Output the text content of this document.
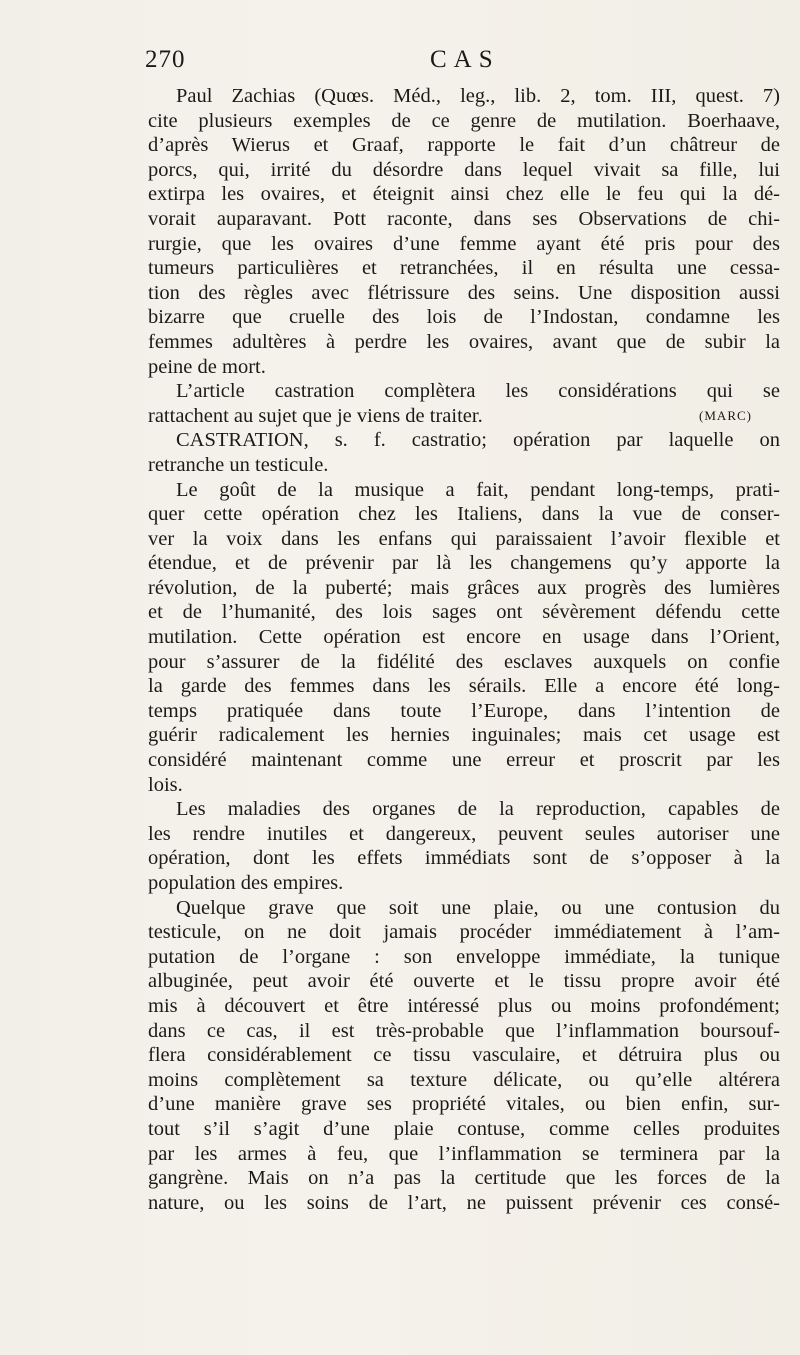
270	CAS
Paul Zachias (Quœs. Méd., leg., lib. 2, tom. III, quest. 7)
cite plusieurs exemples de ce genre de mutilation. Boerhaave,
d’après Wierus et Graaf, rapporte le fait d’un châtreur de
porcs, qui, irrité du désordre dans lequel vivait sa fille, lui
extirpa les ovaires, et éteignit ainsi chez elle le feu qui la dé-
vorait auparavant. Pott raconte, dans ses Observations de chi-
rurgie, que les ovaires d’une femme ayant été pris pour des
tumeurs particulières et retranchées, il en résulta une cessa-
tion des règles avec flétrissure des seins. Une disposition aussi
bizarre que cruelle des lois de l’Indostan, condamne les
femmes adultères à perdre les ovaires, avant que de subir la
peine de mort.
L’article castration complètera les considérations qui se
rattachent au sujet que je viens de traiter.	(MARC)
CASTRATION, s. f. castratio; opération par laquelle on
retranche un testicule.
Le goût de la musique a fait, pendant long-temps, prati-
quer cette opération chez les Italiens, dans la vue de conser-
ver la voix dans les enfans qui paraissaient l’avoir flexible et
étendue, et de prévenir par là les changemens qu’y apporte la
révolution, de la puberté; mais grâces aux progrès des lumières
et de l’humanité, des lois sages ont sévèrement défendu cette
mutilation. Cette opération est encore en usage dans l’Orient,
pour s’assurer de la fidélité des esclaves auxquels on confie
la garde des femmes dans les sérails. Elle a encore été long-
temps pratiquée dans toute l’Europe, dans l’intention de
guérir radicalement les hernies inguinales; mais cet usage est
considéré maintenant comme une erreur et proscrit par les
lois.
Les maladies des organes de la reproduction, capables de
les rendre inutiles et dangereux, peuvent seules autoriser une
opération, dont les effets immédiats sont de s’opposer à la
population des empires.
Quelque grave que soit une plaie, ou une contusion du
testicule, on ne doit jamais procéder immédiatement à l’am-
putation de l’organe : son enveloppe immédiate, la tunique
albuginée, peut avoir été ouverte et le tissu propre avoir été
mis à découvert et être intéressé plus ou moins profondément;
dans ce cas, il est très-probable que l’inflammation boursouf-
flera considérablement ce tissu vasculaire, et détruira plus ou
moins complètement sa texture délicate, ou qu’elle altérera
d’une manière grave ses propriété vitales, ou bien enfin, sur-
tout s’il s’agit d’une plaie contuse, comme celles produites
par les armes à feu, que l’inflammation se terminera par la
gangrène. Mais on n’a pas la certitude que les forces de la
nature, ou les soins de l’art, ne puissent prévenir ces consé-
